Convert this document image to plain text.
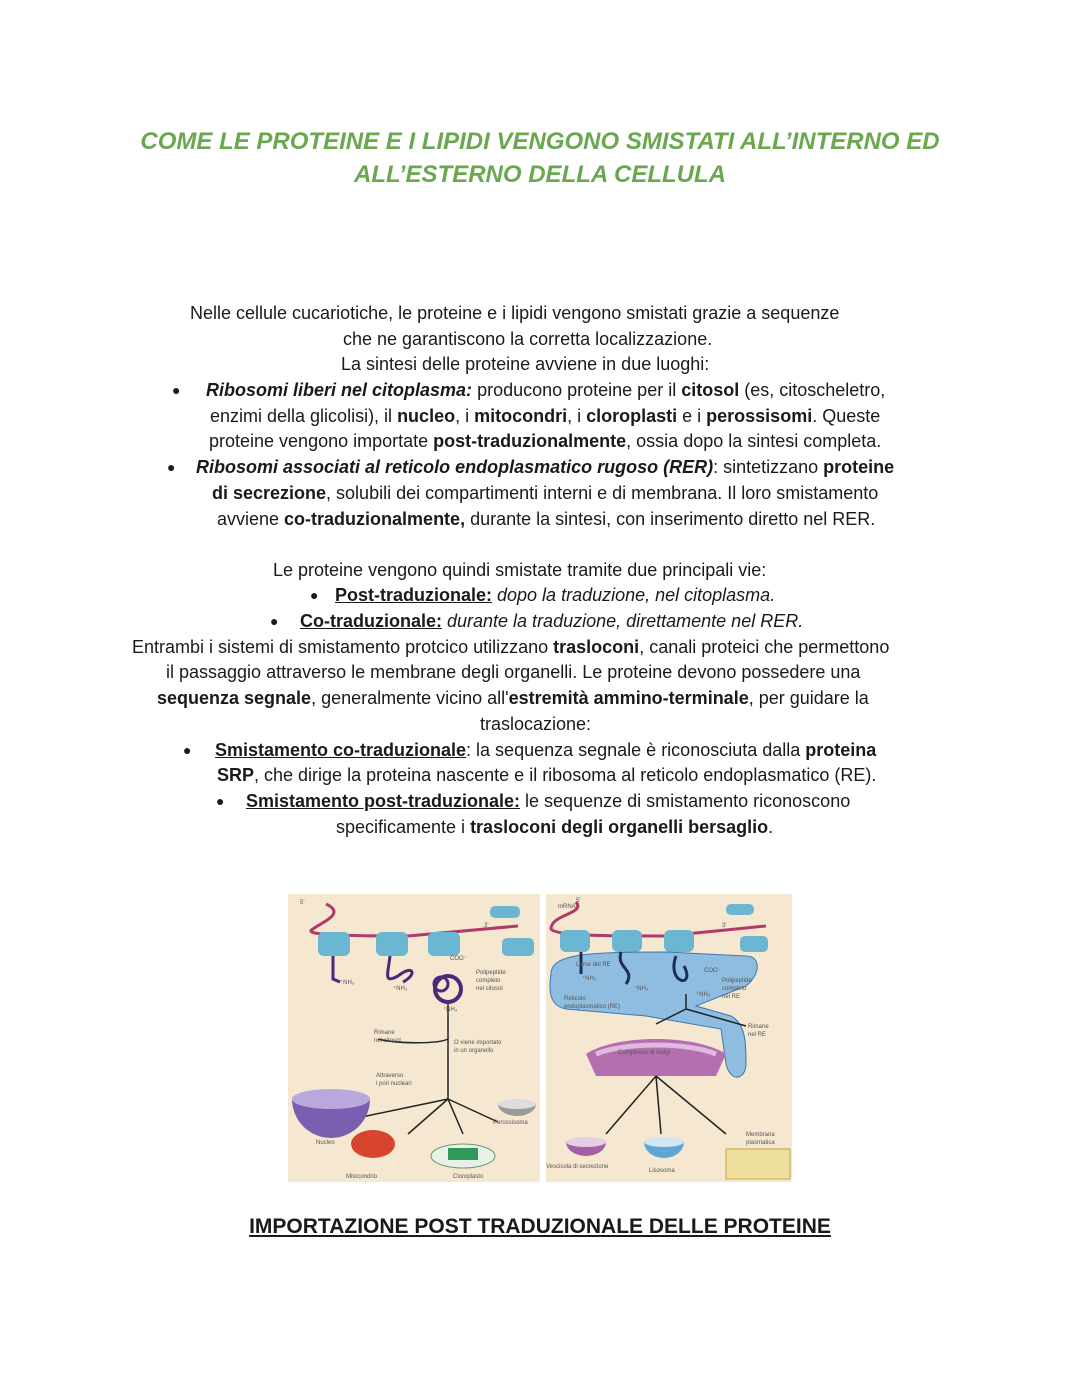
COME LE PROTEINE E I LIPIDI VENGONO SMISTATI ALL’INTERNO ED
ALL’ESTERNO DELLA CELLULA
Nelle cellule cucariotiche, le proteine e i lipidi vengono smistati grazie a sequenze
che ne garantiscono la corretta localizzazione.
La sintesi delle proteine avviene in due luoghi:
● Ribosomi liberi nel citoplasma: producono proteine per il citosol (es, citoscheletro,
enzimi della glicolisi), il nucleo, i mitocondri, i cloroplasti e i perossisomi. Queste
proteine vengono importate post-traduzionalmente, ossia dopo la sintesi completa.
● Ribosomi associati al reticolo endoplasmatico rugoso (RER): sintetizzano proteine
di secrezione, solubili dei compartimenti interni e di membrana. Il loro smistamento
avviene co-traduzionalmente, durante la sintesi, con inserimento diretto nel RER.
Le proteine vengono quindi smistate tramite due principali vie:
● Post-traduzionale: dopo la traduzione, nel citoplasma.
● Co-traduzionale: durante la traduzione, direttamente nel RER.
Entrambi i sistemi di smistamento protcico utilizzano trasloconi, canali proteici che permettono
il passaggio attraverso le membrane degli organelli. Le proteine devono possedere una
sequenza segnale, generalmente vicino all'estremità ammino-terminale, per guidare la
traslocazione:
● Smistamento co-traduzionale: la sequenza segnale è riconosciuta dalla proteina
SRP, che dirige la proteina nascente e il ribosoma al reticolo endoplasmatico (RE).
● Smistamento post-traduzionale: le sequenze di smistamento riconoscono
specificamente i trasloconi degli organelli bersaglio.
5'
3'
⁺NH₃
⁺NH₃
⁺NH₃
COO⁻
Polipeptide
completo
nel citosol
Rimane
nel citosol	O viene importato
in un organello
Attraverso
i pori nucleari
Nucleo
Mitocondrio	Cloroplasto
Perossisoma
mRNA
5'
3'
Lume del RE
⁺NH₃
⁺NH₃
⁺NH₃
COO⁻
Polipeptide
completo
nel RE
Reticolo
endoplasmatico (RE)
Rimane
nel RE
Complesso di Golgi
Vescicola di secrezione
Lisosoma
Membrana
plasmatica
IMPORTAZIONE POST TRADUZIONALE DELLE PROTEINE
